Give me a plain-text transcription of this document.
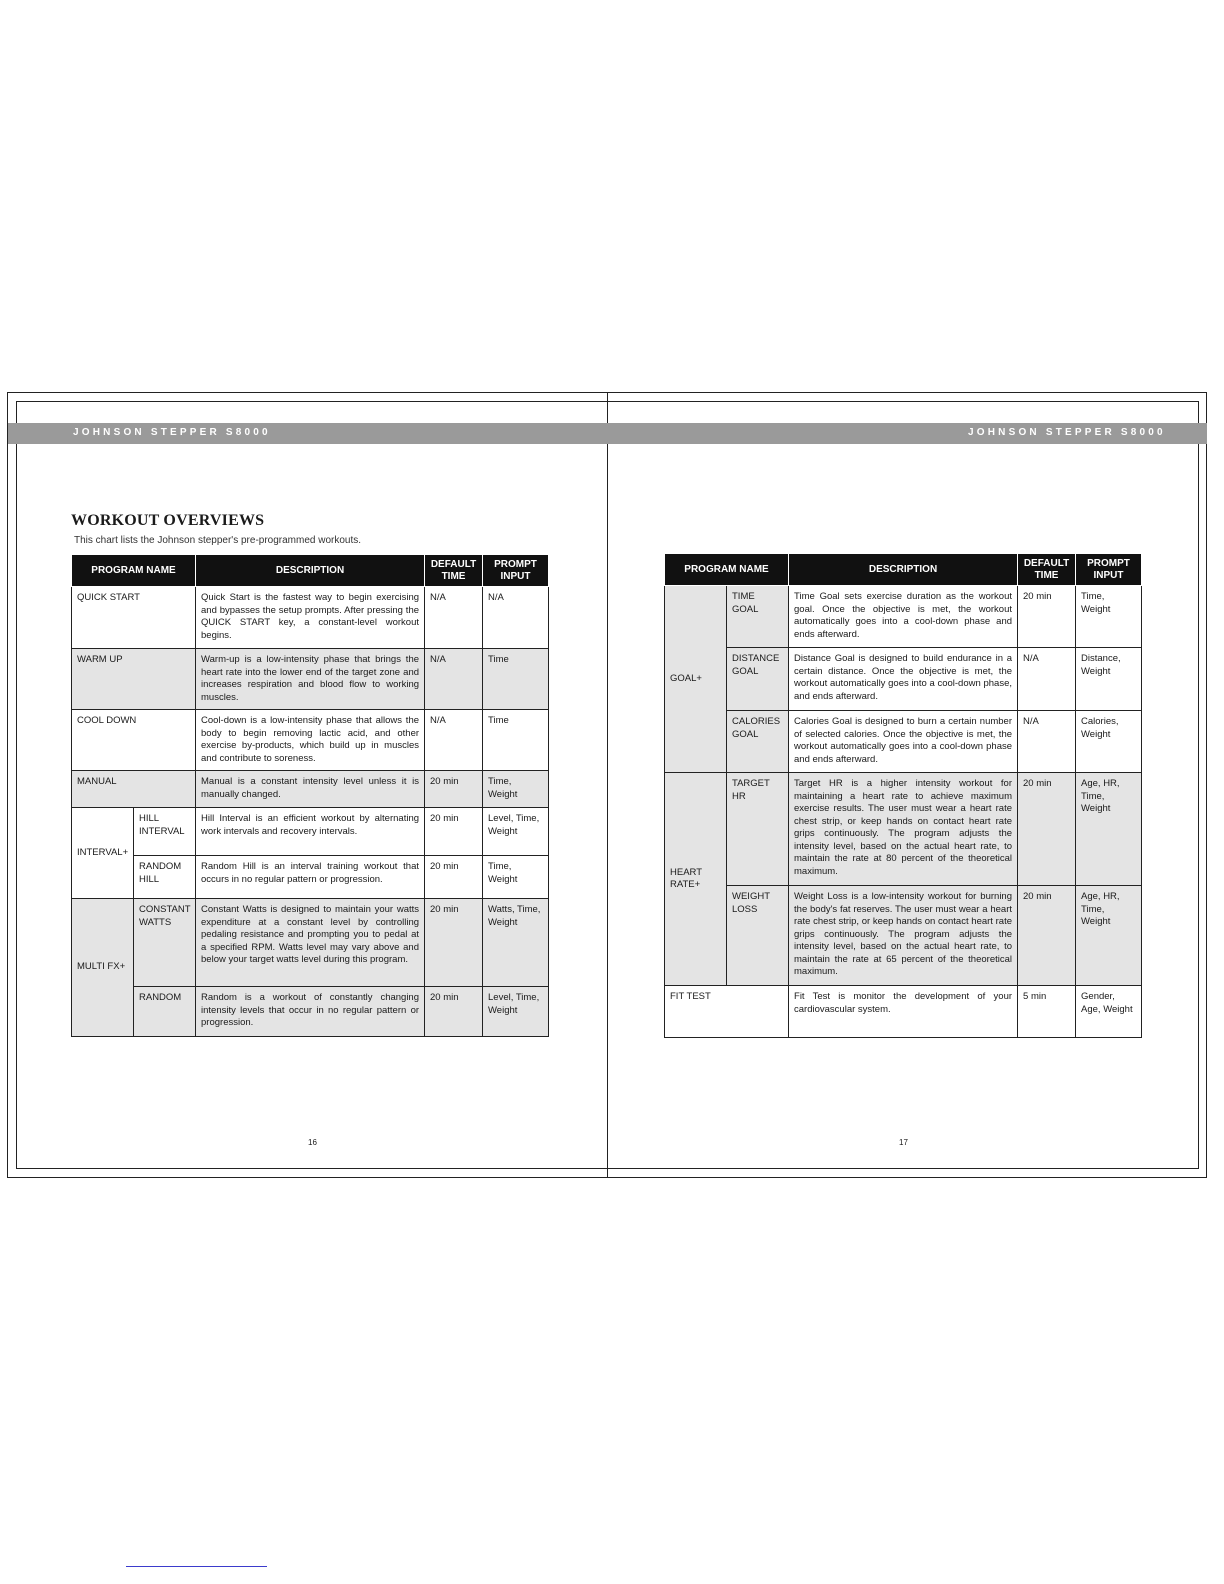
JOHNSON STEPPER S8000	JOHNSON STEPPER S8000
WORKOUT OVERVIEWS
This chart lists the Johnson stepper's pre-programmed workouts.
PROGRAM NAME		DESCRIPTION	DEFAULT TIME	PROMPT INPUT
QUICK START		Quick Start is the fastest way to begin exercising and bypasses the setup prompts. After pressing the QUICK START key, a constant-level workout begins.	N/A	N/A
WARM UP		Warm-up is a low-intensity phase that brings the heart rate into the lower end of the target zone and increases respiration and blood flow to working muscles.	N/A	Time
COOL DOWN		Cool-down is a low-intensity phase that allows the body to begin removing lactic acid, and other exercise by-products, which build up in muscles and contribute to soreness.	N/A	Time
MANUAL		Manual is a constant intensity level unless it is manually changed.	20 min	Time, Weight
INTERVAL+	HILL INTERVAL	Hill Interval is an efficient workout by alternating work intervals and recovery intervals.	20 min	Level, Time, Weight
	RANDOM HILL	Random Hill is an interval training workout that occurs in no regular pattern or progression.	20 min	Time, Weight
MULTI FX+	CONSTANT WATTS	Constant Watts is designed to maintain your watts expenditure at a constant level by controlling pedaling resistance and prompting you to pedal at a specified RPM. Watts level may vary above and below your target watts level during this program.	20 min	Watts, Time, Weight
	RANDOM	Random is a workout of constantly changing intensity levels that occur in no regular pattern or progression.	20 min	Level, Time, Weight
16
PROGRAM NAME		DESCRIPTION	DEFAULT TIME	PROMPT INPUT
GOAL+	TIME GOAL	Time Goal sets exercise duration as the workout goal. Once the objective is met, the workout automatically goes into a cool-down phase and ends afterward.	20 min	Time, Weight
	DISTANCE GOAL	Distance Goal is designed to build endurance in a certain distance. Once the objective is met, the workout automatically goes into a cool-down phase, and ends afterward.	N/A	Distance, Weight
	CALORIES GOAL	Calories Goal is designed to burn a certain number of selected calories. Once the objective is met, the workout automatically goes into a cool-down phase and ends afterward.	N/A	Calories, Weight
HEART RATE+	TARGET HR	Target HR is a higher intensity workout for maintaining a heart rate to achieve maximum exercise results. The user must wear a heart rate chest strip, or keep hands on contact heart rate grips continuously. The program adjusts the intensity level, based on the actual heart rate, to maintain the rate at 80 percent of the theoretical maximum.	20 min	Age, HR, Time, Weight
	WEIGHT LOSS	Weight Loss is a low-intensity workout for burning the body's fat reserves. The user must wear a heart rate chest strip, or keep hands on contact heart rate grips continuously. The program adjusts the intensity level, based on the actual heart rate, to maintain the rate at 65 percent of the theoretical maximum.	20 min	Age, HR, Time, Weight
FIT TEST		Fit Test is monitor the development of your cardiovascular system.	5 min	Gender, Age, Weight
17
